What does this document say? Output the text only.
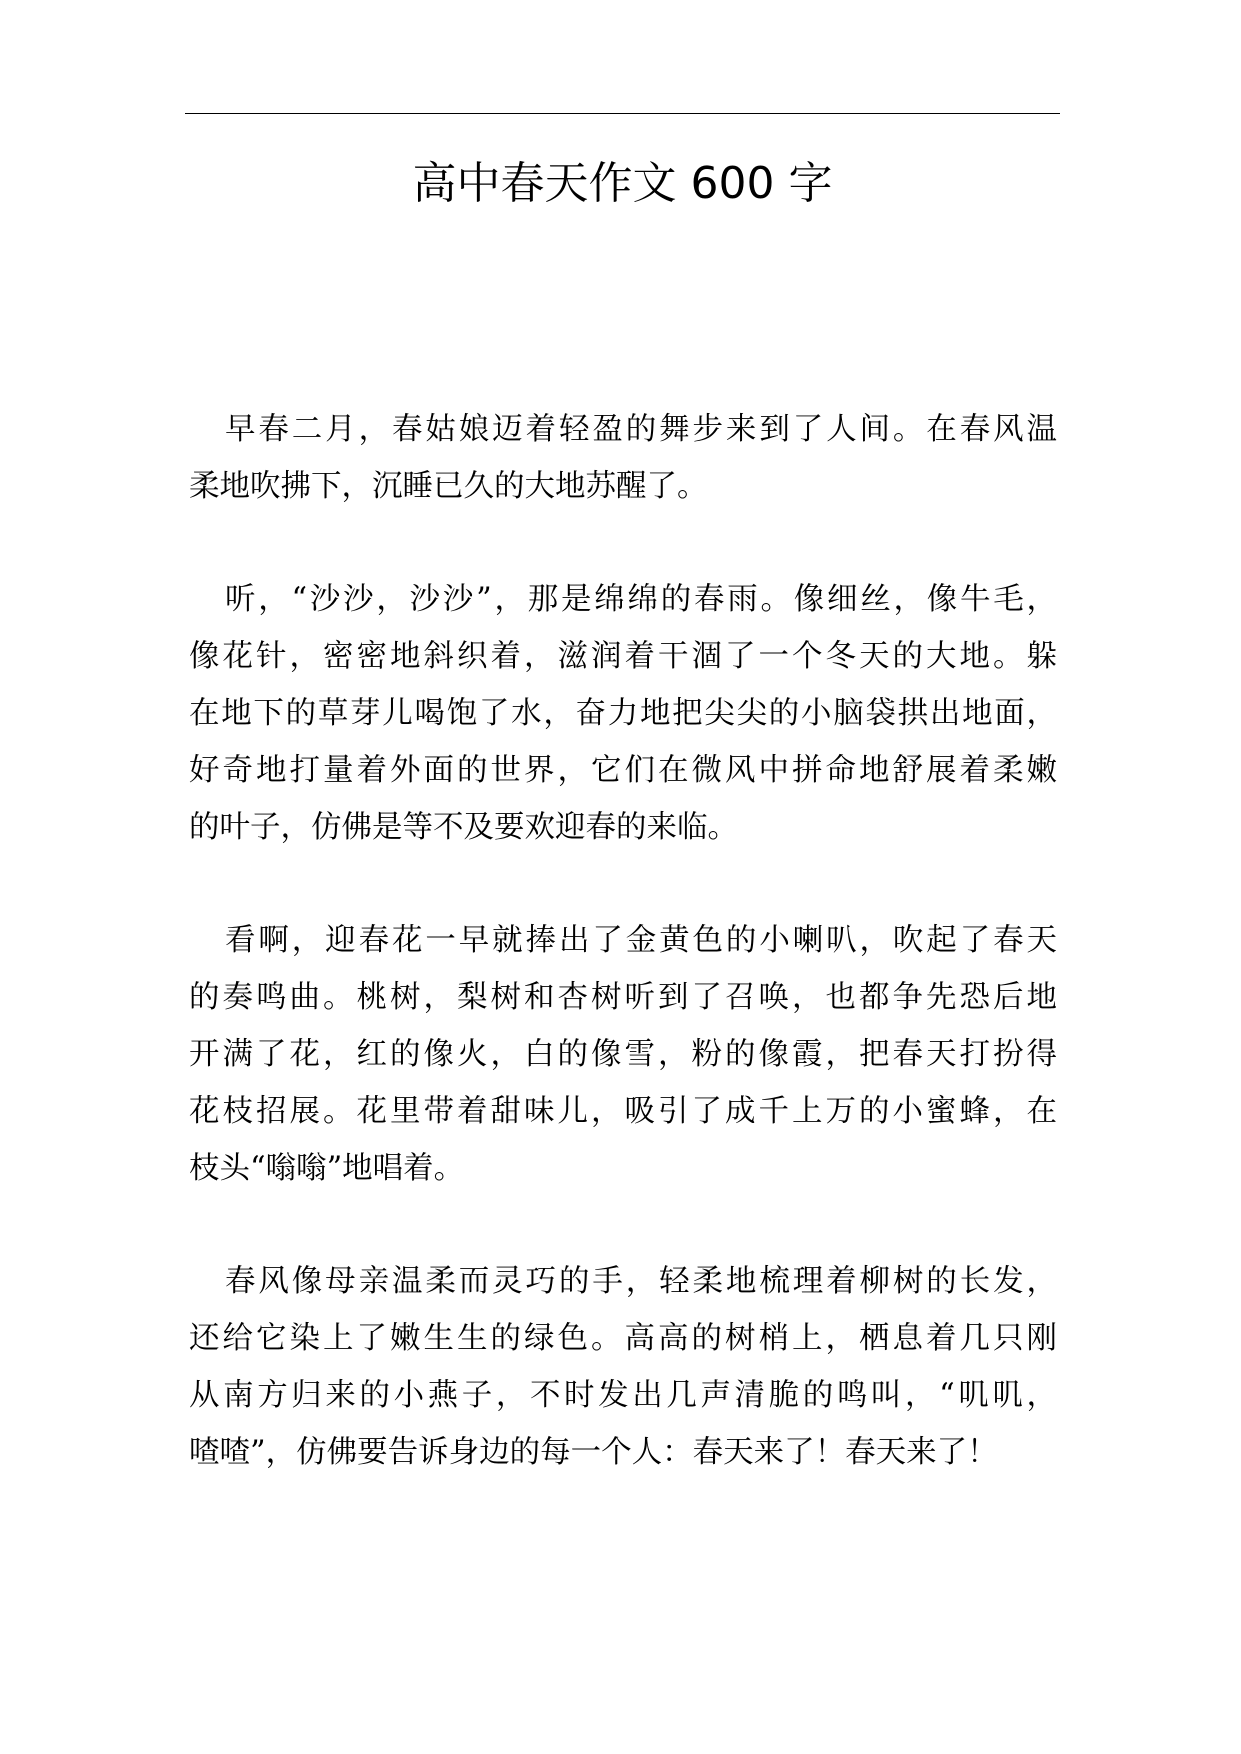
高中春天作文 600 字
早春二月，春姑娘迈着轻盈的舞步来到了人间。在春风温
柔地吹拂下，沉睡已久的大地苏醒了。
听，“沙沙，沙沙”，那是绵绵的春雨。像细丝，像牛毛，
像花针，密密地斜织着，滋润着干涸了一个冬天的大地。躲
在地下的草芽儿喝饱了水，奋力地把尖尖的小脑袋拱出地面，
好奇地打量着外面的世界，它们在微风中拼命地舒展着柔嫩
的叶子，仿佛是等不及要欢迎春的来临。
看啊，迎春花一早就捧出了金黄色的小喇叭，吹起了春天
的奏鸣曲。桃树，梨树和杏树听到了召唤，也都争先恐后地
开满了花，红的像火，白的像雪，粉的像霞，把春天打扮得
花枝招展。花里带着甜味儿，吸引了成千上万的小蜜蜂，在
枝头“嗡嗡”地唱着。
春风像母亲温柔而灵巧的手，轻柔地梳理着柳树的长发，
还给它染上了嫩生生的绿色。高高的树梢上，栖息着几只刚
从南方归来的小燕子，不时发出几声清脆的鸣叫，“叽叽，
喳喳”，仿佛要告诉身边的每一个人：春天来了！春天来了！
